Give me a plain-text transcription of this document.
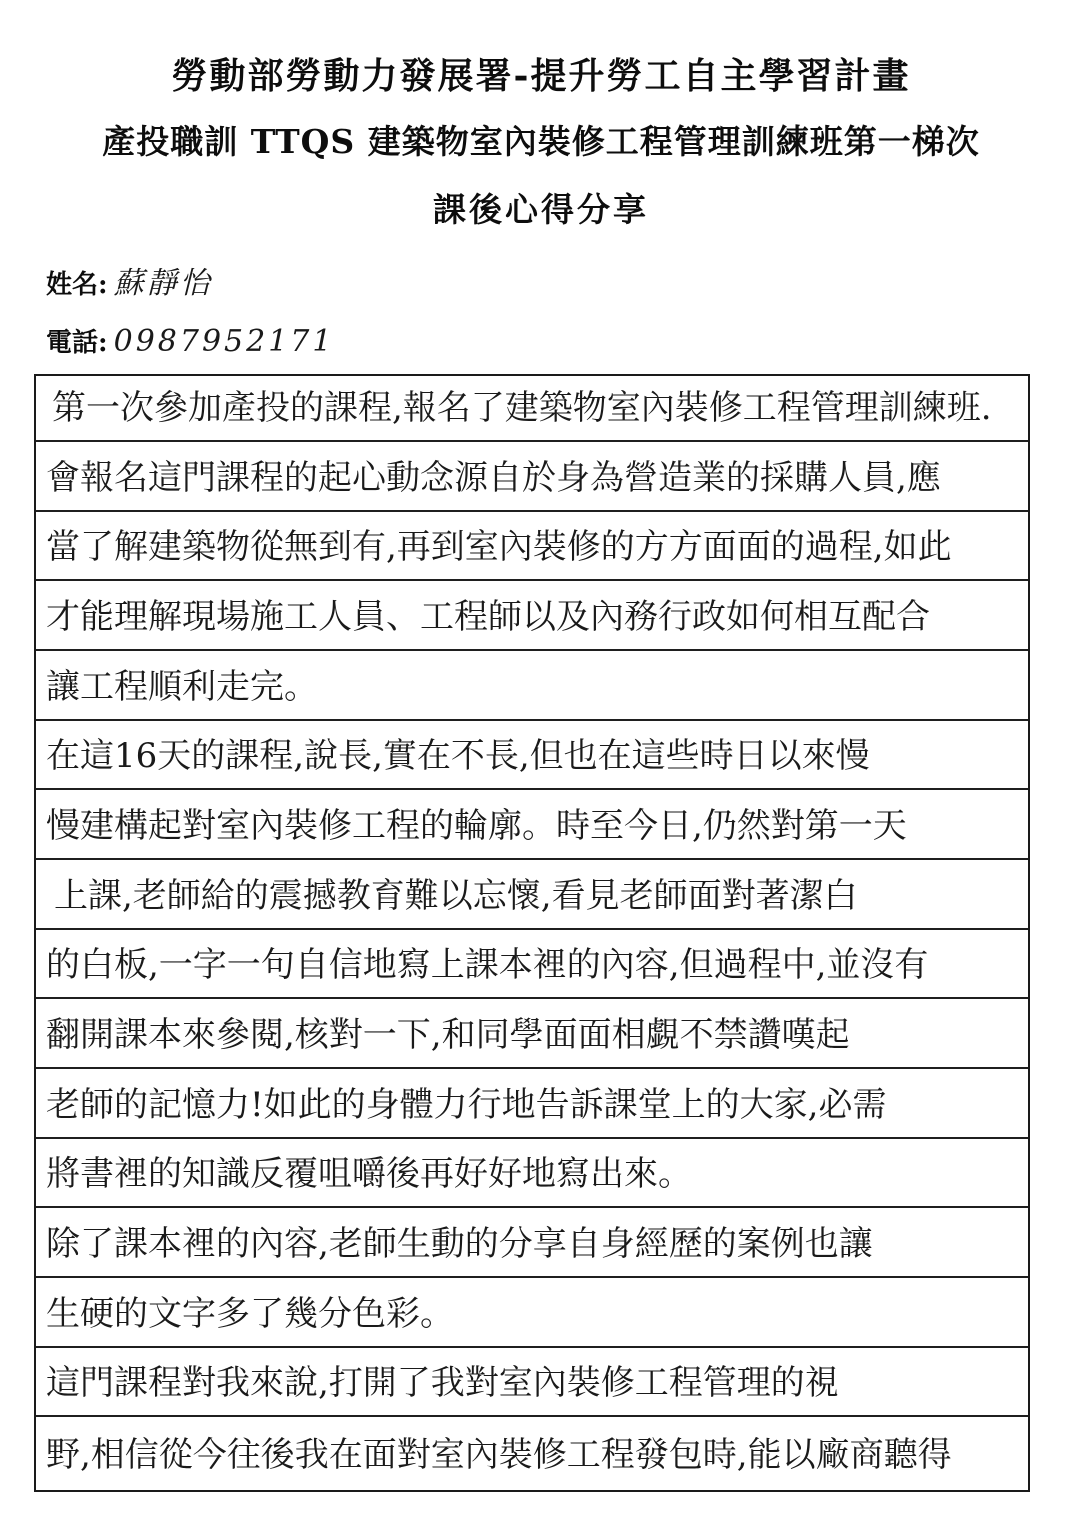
勞動部勞動力發展署-提升勞工自主學習計畫
產投職訓 TTQS 建築物室內裝修工程管理訓練班第一梯次
課後心得分享
姓名: 蘇靜怡
電話: 0987952171
第一次參加產投的課程,報名了建築物室內裝修工程管理訓練班.
會報名這門課程的起心動念源自於身為營造業的採購人員,應
當了解建築物從無到有,再到室內裝修的方方面面的過程,如此
才能理解現場施工人員、工程師以及內務行政如何相互配合
讓工程順利走完。
在這16天的課程,說長,實在不長,但也在這些時日以來慢
慢建構起對室內裝修工程的輪廓。時至今日,仍然對第一天
上課,老師給的震撼教育難以忘懷,看見老師面對著潔白
的白板,一字一句自信地寫上課本裡的內容,但過程中,並沒有
翻開課本來參閱,核對一下,和同學面面相覷不禁讚嘆起
老師的記憶力!如此的身體力行地告訴課堂上的大家,必需
將書裡的知識反覆咀嚼後再好好地寫出來。
除了課本裡的內容,老師生動的分享自身經歷的案例也讓
生硬的文字多了幾分色彩。
這門課程對我來說,打開了我對室內裝修工程管理的視
野,相信從今往後我在面對室內裝修工程發包時,能以廠商聽得
